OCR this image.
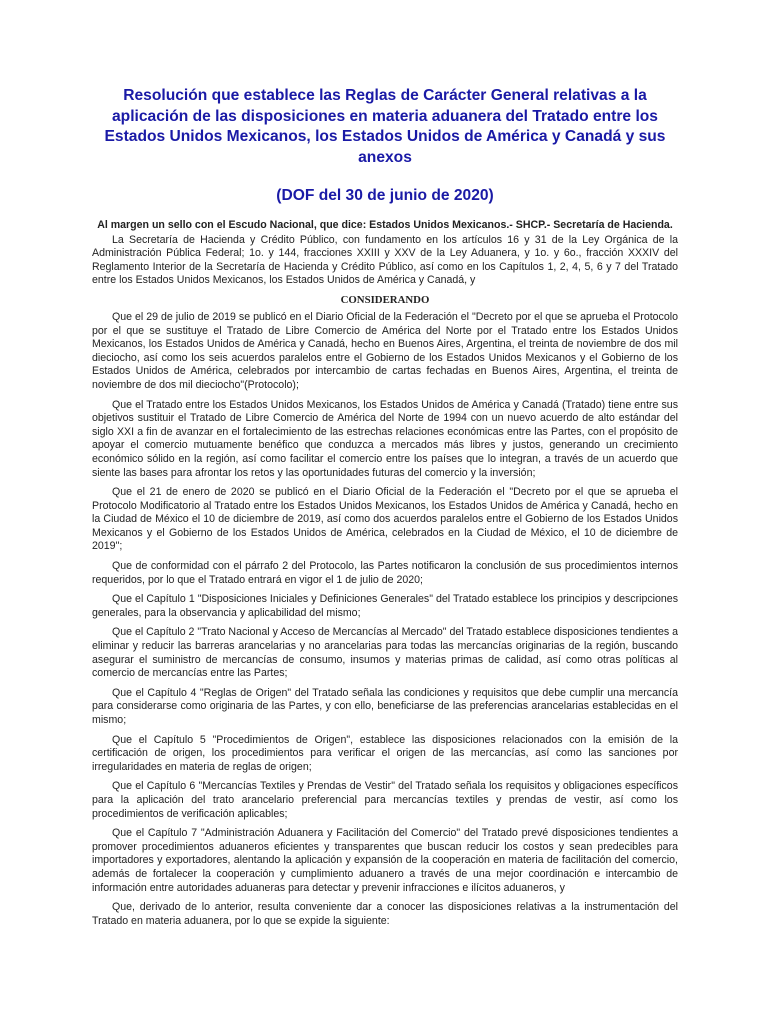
Resolución que establece las Reglas de Carácter General relativas a la aplicación de las disposiciones en materia aduanera del Tratado entre los Estados Unidos Mexicanos, los Estados Unidos de América y Canadá y sus anexos
(DOF del 30 de junio de 2020)
Al margen un sello con el Escudo Nacional, que dice: Estados Unidos Mexicanos.- SHCP.- Secretaría de Hacienda.

La Secretaría de Hacienda y Crédito Público, con fundamento en los artículos 16 y 31 de la Ley Orgánica de la Administración Pública Federal; 1o. y 144, fracciones XXIII y XXV de la Ley Aduanera, y 1o. y 6o., fracción XXXIV del Reglamento Interior de la Secretaría de Hacienda y Crédito Público, así como en los Capítulos 1, 2, 4, 5, 6 y 7 del Tratado entre los Estados Unidos Mexicanos, los Estados Unidos de América y Canadá, y

CONSIDERANDO

Que el 29 de julio de 2019 se publicó en el Diario Oficial de la Federación el "Decreto por el que se aprueba el Protocolo por el que se sustituye el Tratado de Libre Comercio de América del Norte por el Tratado entre los Estados Unidos Mexicanos, los Estados Unidos de América y Canadá, hecho en Buenos Aires, Argentina, el treinta de noviembre de dos mil dieciocho, así como los seis acuerdos paralelos entre el Gobierno de los Estados Unidos Mexicanos y el Gobierno de los Estados Unidos de América, celebrados por intercambio de cartas fechadas en Buenos Aires, Argentina, el treinta de noviembre de dos mil dieciocho"(Protocolo);

Que el Tratado entre los Estados Unidos Mexicanos, los Estados Unidos de América y Canadá (Tratado) tiene entre sus objetivos sustituir el Tratado de Libre Comercio de América del Norte de 1994 con un nuevo acuerdo de alto estándar del siglo XXI a fin de avanzar en el fortalecimiento de las estrechas relaciones económicas entre las Partes, con el propósito de apoyar el comercio mutuamente benéfico que conduzca a mercados más libres y justos, generando un crecimiento económico sólido en la región, así como facilitar el comercio entre los países que lo integran, a través de un acuerdo que siente las bases para afrontar los retos y las oportunidades futuras del comercio y la inversión;

Que el 21 de enero de 2020 se publicó en el Diario Oficial de la Federación el "Decreto por el que se aprueba el Protocolo Modificatorio al Tratado entre los Estados Unidos Mexicanos, los Estados Unidos de América y Canadá, hecho en la Ciudad de México el 10 de diciembre de 2019, así como dos acuerdos paralelos entre el Gobierno de los Estados Unidos Mexicanos y el Gobierno de los Estados Unidos de América, celebrados en la Ciudad de México, el 10 de diciembre de 2019";

Que de conformidad con el párrafo 2 del Protocolo, las Partes notificaron la conclusión de sus procedimientos internos requeridos, por lo que el Tratado entrará en vigor el 1 de julio de 2020;

Que el Capítulo 1 "Disposiciones Iniciales y Definiciones Generales" del Tratado establece los principios y descripciones generales, para la observancia y aplicabilidad del mismo;

Que el Capítulo 2 "Trato Nacional y Acceso de Mercancías al Mercado" del Tratado establece disposiciones tendientes a eliminar y reducir las barreras arancelarias y no arancelarias para todas las mercancías originarias de la región, buscando asegurar el suministro de mercancías de consumo, insumos y materias primas de calidad, así como otras políticas al comercio de mercancías entre las Partes;

Que el Capítulo 4 "Reglas de Origen" del Tratado señala las condiciones y requisitos que debe cumplir una mercancía para considerarse como originaria de las Partes, y con ello, beneficiarse de las preferencias arancelarias establecidas en el mismo;

Que el Capítulo 5 "Procedimientos de Origen", establece las disposiciones relacionados con la emisión de la certificación de origen, los procedimientos para verificar el origen de las mercancías, así como las sanciones por irregularidades en materia de reglas de origen;

Que el Capítulo 6 "Mercancías Textiles y Prendas de Vestir" del Tratado señala los requisitos y obligaciones específicos para la aplicación del trato arancelario preferencial para mercancías textiles y prendas de vestir, así como los procedimientos de verificación aplicables;

Que el Capítulo 7 "Administración Aduanera y Facilitación del Comercio" del Tratado prevé disposiciones tendientes a promover procedimientos aduaneros eficientes y transparentes que buscan reducir los costos y sean predecibles para importadores y exportadores, alentando la aplicación y expansión de la cooperación en materia de facilitación del comercio, además de fortalecer la cooperación y cumplimiento aduanero a través de una mejor coordinación e intercambio de información entre autoridades aduaneras para detectar y prevenir infracciones e ilícitos aduaneros, y

Que, derivado de lo anterior, resulta conveniente dar a conocer las disposiciones relativas a la instrumentación del Tratado en materia aduanera, por lo que se expide la siguiente:
